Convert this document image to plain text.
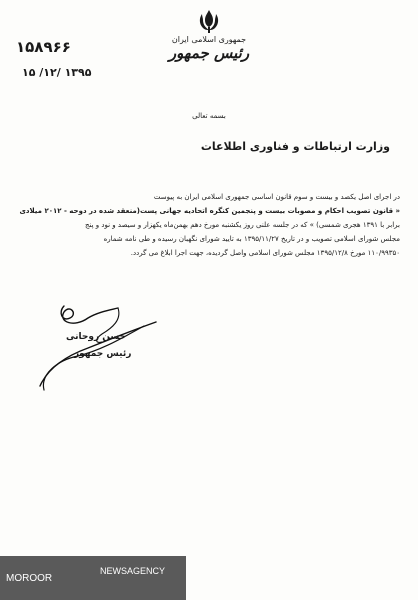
جمهوری اسلامی ایران
رئیس جمهور
۱۵۸۹۶۶
۱۳۹۵ /۱۲/ ۱۵
بسمه تعالی
وزارت ارتباطات و فناوری اطلاعات
در اجرای اصل یکصد و بیست و سوم قانون اساسی جمهوری اسلامی ایران به پیوست
« قانون تصویب احکام و مصوبات بیست و پنجمین کنگره اتحادیه جهانی پست(منعقد شده در دوحه - ۲۰۱۲ میلادی
برابر با ۱۳۹۱ هجری شمسی) » که در جلسه علنی روز یکشنبه مورخ دهم بهمن‌ماه یکهزار و سیصد و نود و پنج
مجلس شورای اسلامی تصویب و در تاریخ ۱۳۹۵/۱۱/۲۷ به تایید شورای نگهبان رسیده و طی نامه شماره
۱۱۰/۹۹۳۵۰ مورخ ۱۳۹۵/۱۲/۸ مجلس شورای اسلامی واصل گردیده، جهت اجرا ابلاغ می گردد.
حسن روحانی
رئیس جمهور
MOROOR
NEWSAGENCY
